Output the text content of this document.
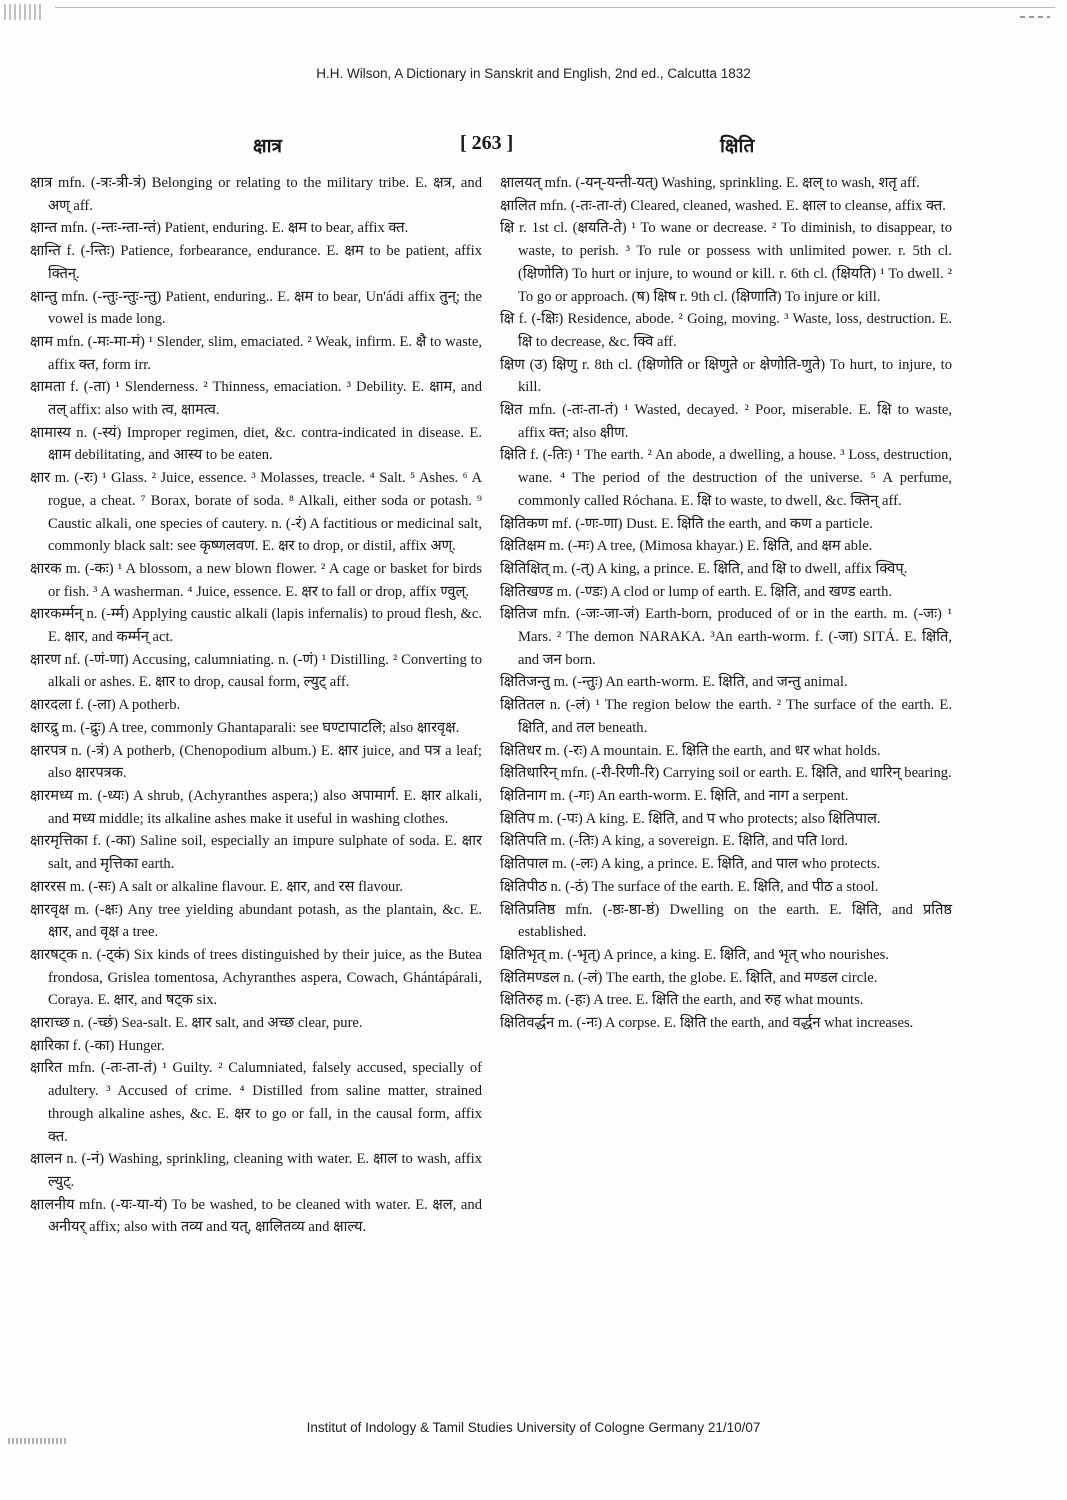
H.H. Wilson, A Dictionary in Sanskrit and English, 2nd ed., Calcutta 1832
क्षात्र	[ 263 ]	क्षिति

क्षात्र mfn. (-त्रः-त्री-त्रं) Belonging or relating to the military tribe. E. क्षत्र, and अण् aff.

क्षान्त mfn. (-न्तः-न्ता-न्तं) Patient, enduring. E. क्षम to bear, affix क्त.

क्षान्ति f. (-न्तिः) Patience, forbearance, endurance. E. क्षम to be patient, affix क्तिन्.

क्षान्तु mfn. (-न्तुः-न्तुः-न्तु) Patient, enduring.. E. क्षम to bear, Un'ádi affix तुन्; the vowel is made long.

क्षाम mfn. (-मः-मा-मं) ¹ Slender, slim, emaciated. ² Weak, infirm. E. क्षै to waste, affix क्त, form irr.

क्षामता f. (-ता) ¹ Slenderness. ² Thinness, emaciation. ³ Debility. E. क्षाम, and तल् affix: also with त्व, क्षामत्व.

क्षामास्य n. (-स्यं) Improper regimen, diet, &c. contra-indicated in disease. E. क्षाम debilitating, and आस्य to be eaten.

क्षार m. (-रः) ¹ Glass. ² Juice, essence. ³ Molasses, treacle. ⁴ Salt. ⁵ Ashes. ⁶ A rogue, a cheat. ⁷ Borax, borate of soda. ⁸ Alkali, either soda or potash. ⁹ Caustic alkali, one species of cautery. n. (-रं) A factitious or medicinal salt, commonly black salt: see कृष्णलवण. E. क्षर to drop, or distil, affix अण्.

क्षारक m. (-कः) ¹ A blossom, a new blown flower. ² A cage or basket for birds or fish. ³ A washerman. ⁴ Juice, essence. E. क्षर to fall or drop, affix ण्वुल्.

क्षारकर्म्मन् n. (-र्म्म) Applying caustic alkali (lapis infernalis) to proud flesh, &c. E. क्षार, and कर्म्मन् act.

क्षारण nf. (-णं-णा) Accusing, calumniating. n. (-णं) ¹ Distilling. ² Converting to alkali or ashes. E. क्षार to drop, causal form, ल्युट् aff.

क्षारदला f. (-ला) A potherb.

क्षारद्रु m. (-द्रुः) A tree, commonly Ghantaparali: see घण्टापाटलि; also क्षारवृक्ष.

क्षारपत्र n. (-त्रं) A potherb, (Chenopodium album.) E. क्षार juice, and पत्र a leaf; also क्षारपत्रक.

क्षारमध्य m. (-ध्यः) A shrub, (Achyranthes aspera;) also अपामार्ग. E. क्षार alkali, and मध्य middle; its alkaline ashes make it useful in washing clothes.

क्षारमृत्तिका f. (-का) Saline soil, especially an impure sulphate of soda. E. क्षार salt, and मृत्तिका earth.

क्षाररस m. (-सः) A salt or alkaline flavour. E. क्षार, and रस flavour.

क्षारवृक्ष m. (-क्षः) Any tree yielding abundant potash, as the plantain, &c. E. क्षार, and वृक्ष a tree.

क्षारषट्क n. (-ट्कं) Six kinds of trees distinguished by their juice, as the Butea frondosa, Grislea tomentosa, Achyranthes aspera, Cowach, Ghántápárali, Coraya. E. क्षार, and षट्क six.

क्षाराच्छ n. (-च्छं) Sea-salt. E. क्षार salt, and अच्छ clear, pure.

क्षारिका f. (-का) Hunger.

क्षारित mfn. (-तः-ता-तं) ¹ Guilty. ² Calumniated, falsely accused, specially of adultery. ³ Accused of crime. ⁴ Distilled from saline matter, strained through alkaline ashes, &c. E. क्षर to go or fall, in the causal form, affix क्त.

क्षालन n. (-नं) Washing, sprinkling, cleaning with water. E. क्षाल to wash, affix ल्युट्.

क्षालनीय mfn. (-यः-या-यं) To be washed, to be cleaned with water. E. क्षल, and अनीयर् affix; also with तव्य and यत्, क्षालितव्य and क्षाल्य.

क्षालयत् mfn. (-यन्-यन्ती-यत्) Washing, sprinkling. E. क्षल् to wash, शतृ aff.

क्षालित mfn. (-तः-ता-तं) Cleared, cleaned, washed. E. क्षाल to cleanse, affix क्त.

क्षि r. 1st cl. (क्षयति-ते) ¹ To wane or decrease. ² To diminish, to disappear, to waste, to perish. ³ To rule or possess with unlimited power. r. 5th cl. (क्षिणोति) To hurt or injure, to wound or kill. r. 6th cl. (क्षियति) ¹ To dwell. ² To go or approach. (ष) क्षिष r. 9th cl. (क्षिणाति) To injure or kill.

क्षि f. (-क्षिः) Residence, abode. ² Going, moving. ³ Waste, loss, destruction. E. क्षि to decrease, &c. क्वि aff.

क्षिण (उ) क्षिणु r. 8th cl. (क्षिणोति or क्षिणुते or क्षेणोति-णुते) To hurt, to injure, to kill.

क्षित mfn. (-तः-ता-तं) ¹ Wasted, decayed. ² Poor, miserable. E. क्षि to waste, affix क्त; also क्षीण.

क्षिति f. (-तिः) ¹ The earth. ² An abode, a dwelling, a house. ³ Loss, destruction, wane. ⁴ The period of the destruction of the universe. ⁵ A perfume, commonly called Róchana. E. क्षि to waste, to dwell, &c. क्तिन् aff.

क्षितिकण mf. (-णः-णा) Dust. E. क्षिति the earth, and कण a particle.

क्षितिक्षम m. (-मः) A tree, (Mimosa khayar.) E. क्षिति, and क्षम able.

क्षितिक्षित् m. (-त्) A king, a prince. E. क्षिति, and क्षि to dwell, affix क्विप्.

क्षितिखण्ड m. (-ण्डः) A clod or lump of earth. E. क्षिति, and खण्ड earth.

क्षितिज mfn. (-जः-जा-जं) Earth-born, produced of or in the earth. m. (-जः) ¹ Mars. ² The demon NARAKA. ³An earth-worm. f. (-जा) SITÁ. E. क्षिति, and जन born.

क्षितिजन्तु m. (-न्तुः) An earth-worm. E. क्षिति, and जन्तु animal.

क्षितितल n. (-लं) ¹ The region below the earth. ² The surface of the earth. E. क्षिति, and तल beneath.

क्षितिधर m. (-रः) A mountain. E. क्षिति the earth, and धर what holds.

क्षितिधारिन् mfn. (-री-रिणी-रि) Carrying soil or earth. E. क्षिति, and धारिन् bearing.

क्षितिनाग m. (-गः) An earth-worm. E. क्षिति, and नाग a serpent.

क्षितिप m. (-पः) A king. E. क्षिति, and प who protects; also क्षितिपाल.

क्षितिपति m. (-तिः) A king, a sovereign. E. क्षिति, and पति lord.

क्षितिपाल m. (-लः) A king, a prince. E. क्षिति, and पाल who protects.

क्षितिपीठ n. (-ठं) The surface of the earth. E. क्षिति, and पीठ a stool.

क्षितिप्रतिष्ठ mfn. (-ष्ठः-ष्ठा-ष्ठं) Dwelling on the earth. E. क्षिति, and प्रतिष्ठ established.

क्षितिभृत् m. (-भृत्) A prince, a king. E. क्षिति, and भृत् who nourishes.

क्षितिमण्डल n. (-लं) The earth, the globe. E. क्षिति, and मण्डल circle.

क्षितिरुह m. (-हः) A tree. E. क्षिति the earth, and रुह what mounts.

क्षितिवर्द्धन m. (-नः) A corpse. E. क्षिति the earth, and वर्द्धन what increases.

Institut of Indology & Tamil Studies University of Cologne Germany 21/10/07
